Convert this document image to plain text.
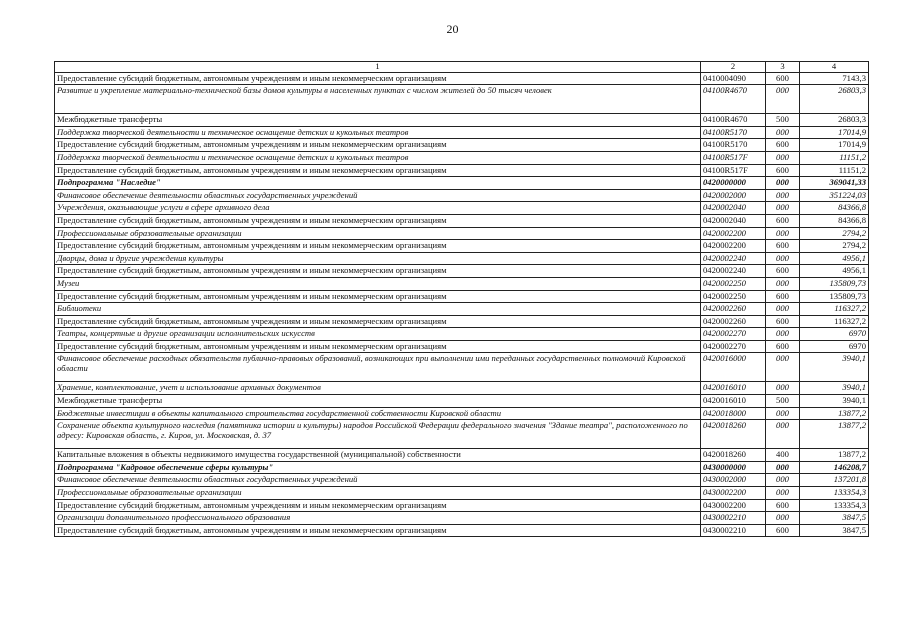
20
1	2	3	4
Предоставление субсидий бюджетным, автономным учреждениям и иным некоммерческим организациям	0410004090	600	7143,3
Развитие и укрепление материально-технической базы домов культуры в населенных пунктах с числом жителей до 50 тысяч человек	04100R4670	000	26803,3
Межбюджетные трансферты	04100R4670	500	26803,3
Поддержка творческой деятельности и техническое оснащение детских и кукольных театров	04100R5170	000	17014,9
Предоставление субсидий бюджетным, автономным учреждениям и иным некоммерческим организациям	04100R5170	600	17014,9
Поддержка творческой деятельности и техническое оснащение детских и кукольных театров	04100R517F	000	11151,2
Предоставление субсидий бюджетным, автономным учреждениям и иным некоммерческим организациям	04100R517F	600	11151,2
Подпрограмма "Наследие"	0420000000	000	369041,33
Финансовое обеспечение деятельности областных государственных учреждений	0420002000	000	351224,03
Учреждения, оказывающие услуги в сфере архивного дела	0420002040	000	84366,8
Предоставление субсидий бюджетным, автономным учреждениям и иным некоммерческим организациям	0420002040	600	84366,8
Профессиональные образовательные организации	0420002200	000	2794,2
Предоставление субсидий бюджетным, автономным учреждениям и иным некоммерческим организациям	0420002200	600	2794,2
Дворцы, дома и другие учреждения культуры	0420002240	000	4956,1
Предоставление субсидий бюджетным, автономным учреждениям и иным некоммерческим организациям	0420002240	600	4956,1
Музеи	0420002250	000	135809,73
Предоставление субсидий бюджетным, автономным учреждениям и иным некоммерческим организациям	0420002250	600	135809,73
Библиотеки	0420002260	000	116327,2
Предоставление субсидий бюджетным, автономным учреждениям и иным некоммерческим организациям	0420002260	600	116327,2
Театры, концертные и другие организации исполнительских искусств	0420002270	000	6970
Предоставление субсидий бюджетным, автономным учреждениям и иным некоммерческим организациям	0420002270	600	6970
Финансовое обеспечение расходных обязательств публично-правовых образований, возникающих при выполнении ими переданных государственных полномочий Кировской области	0420016000	000	3940,1
Хранение, комплектование, учет и использование архивных документов	0420016010	000	3940,1
Межбюджетные трансферты	0420016010	500	3940,1
Бюджетные инвестиции в объекты капитального строительства государственной собственности Кировской области	0420018000	000	13877,2
Сохранение объекта культурного наследия (памятника истории и культуры) народов Российской Федерации федерального значения "Здание театра", расположенного по адресу: Кировская область, г. Киров, ул. Московская, д. 37	0420018260	000	13877,2
Капитальные вложения в объекты недвижимого имущества государственной (муниципальной) собственности	0420018260	400	13877,2
Подпрограмма "Кадровое обеспечение сферы культуры"	0430000000	000	146208,7
Финансовое обеспечение деятельности областных государственных учреждений	0430002000	000	137201,8
Профессиональные образовательные организации	0430002200	000	133354,3
Предоставление субсидий бюджетным, автономным учреждениям и иным некоммерческим организациям	0430002200	600	133354,3
Организации дополнительного профессионального образования	0430002210	000	3847,5
Предоставление субсидий бюджетным, автономным учреждениям и иным некоммерческим организациям	0430002210	600	3847,5
